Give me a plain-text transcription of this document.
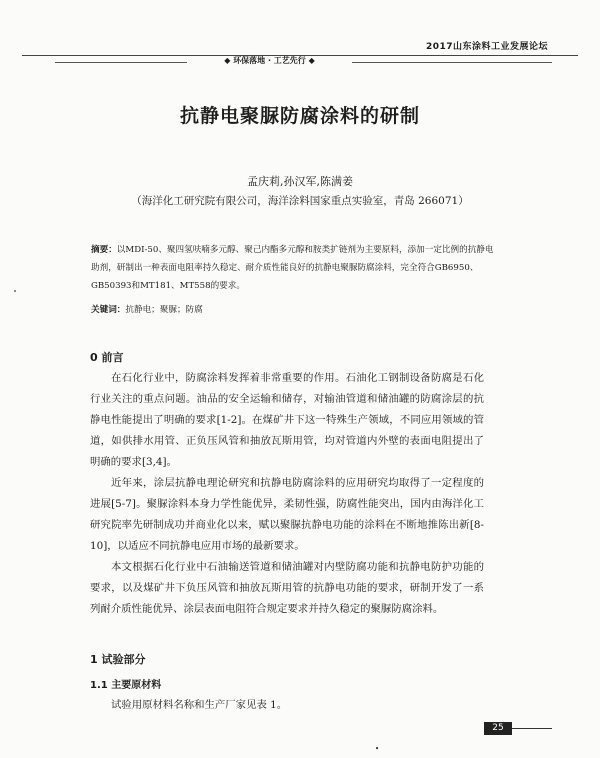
2017山东涂料工业发展论坛
◆ 环保落地 · 工艺先行 ◆
抗静电聚脲防腐涂料的研制
孟庆莉,孙汉军,陈满姜
（海洋化工研究院有限公司，海洋涂料国家重点实验室，青岛 266071）
摘要：以MDI-50、聚四氢呋喃多元醇、聚己内酯多元醇和胺类扩链剂为主要原料，添加一定比例的抗静电助剂，研制出一种表面电阻率持久稳定、耐介质性能良好的抗静电聚脲防腐涂料，完全符合GB6950、GB50393和MT181、MT558的要求。
关键词：抗静电；聚脲；防腐
0 前言

在石化行业中，防腐涂料发挥着非常重要的作用。石油化工钢制设备防腐是石化行业关注的重点问题。油品的安全运输和储存，对输油管道和储油罐的防腐涂层的抗静电性能提出了明确的要求[1-2]。在煤矿井下这一特殊生产领域，不同应用领域的管道，如供排水用管、正负压风管和抽放瓦斯用管，均对管道内外壁的表面电阻提出了明确的要求[3,4]。

近年来，涂层抗静电理论研究和抗静电防腐涂料的应用研究均取得了一定程度的进展[5-7]。聚脲涂料本身力学性能优异，柔韧性强，防腐性能突出，国内由海洋化工研究院率先研制成功并商业化以来，赋以聚脲抗静电功能的涂料在不断地推陈出新[8-10]，以适应不同抗静电应用市场的最新要求。

本文根据石化行业中石油输送管道和储油罐对内壁防腐功能和抗静电防护功能的要求，以及煤矿井下负压风管和抽放瓦斯用管的抗静电功能的要求，研制开发了一系列耐介质性能优异、涂层表面电阻符合规定要求并持久稳定的聚脲防腐涂料。

1 试验部分
1.1 主要原材料

试验用原材料名称和生产厂家见表 1。

25
•
